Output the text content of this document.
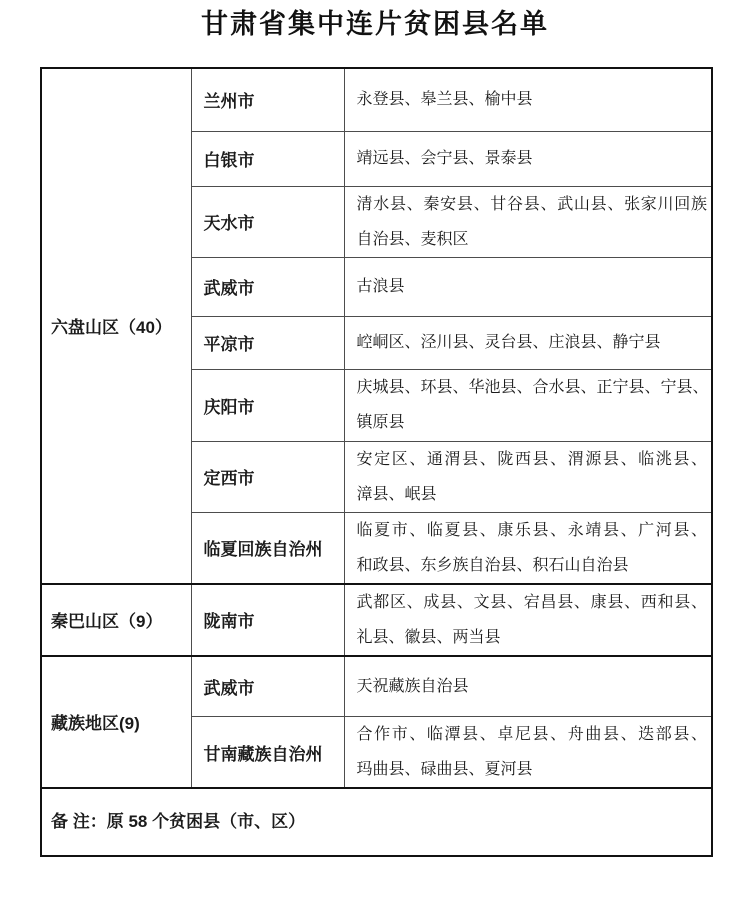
甘肃省集中连片贫困县名单
六盘山区（40）	兰州市	永登县、皋兰县、榆中县

	白银市	靖远县、会宁县、景泰县

	天水市	清水县、秦安县、甘谷县、武山县、张家川回族
自治县、麦积区

	武威市	古浪县

	平凉市	崆峒区、泾川县、灵台县、庄浪县、静宁县

	庆阳市	庆城县、环县、华池县、合水县、正宁县、宁县、
镇原县

	定西市	安定区、通渭县、陇西县、渭源县、临洮县、
漳县、岷县

	临夏回族自治州	临夏市、临夏县、康乐县、永靖县、广河县、
和政县、东乡族自治县、积石山自治县

秦巴山区（9）	陇南市	武都区、成县、文县、宕昌县、康县、西和县、
礼县、徽县、两当县

藏族地区(9)	武威市	天祝藏族自治县

	甘南藏族自治州	合作市、临潭县、卓尼县、舟曲县、迭部县、
玛曲县、碌曲县、夏河县

备 注：原 58 个贫困县（市、区）		
